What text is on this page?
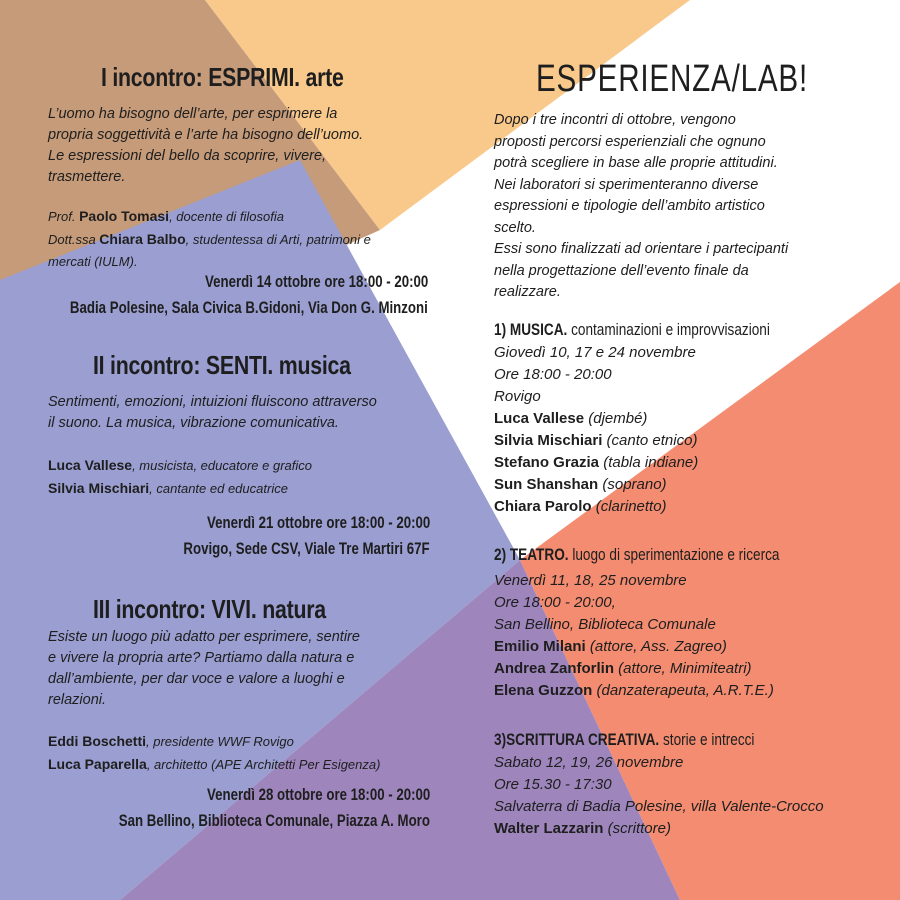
I incontro: ESPRIMI. arte
L’uomo ha bisogno dell’arte, per esprimere la
propria soggettività e l’arte ha bisogno dell’uomo.
Le espressioni del bello da scoprire, vivere,
trasmettere.
Prof. Paolo Tomasi, docente di filosofia
Dott.ssa Chiara Balbo, studentessa di Arti, patrimoni e
mercati (IULM).
Venerdì 14 ottobre ore 18:00 - 20:00
Badia Polesine, Sala Civica B.Gidoni, Via Don G. Minzoni
II incontro: SENTI. musica
Sentimenti, emozioni, intuizioni fluiscono attraverso
il suono. La musica, vibrazione comunicativa.
Luca Vallese, musicista, educatore e grafico
Silvia Mischiari, cantante ed educatrice
Venerdì 21 ottobre ore 18:00 - 20:00
Rovigo, Sede CSV, Viale Tre Martiri 67F
III incontro: VIVI. natura
Esiste un luogo più adatto per esprimere, sentire
e vivere la propria arte? Partiamo dalla natura e
dall’ambiente, per dar voce e valore a luoghi e
relazioni.
Eddi Boschetti, presidente WWF Rovigo
Luca Paparella, architetto (APE Architetti Per Esigenza)
Venerdì 28 ottobre ore 18:00 - 20:00
San Bellino, Biblioteca Comunale, Piazza A. Moro
ESPERIENZA/LAB!
Dopo i tre incontri di ottobre, vengono
proposti percorsi esperienziali che ognuno
potrà scegliere in base alle proprie attitudini.
Nei laboratori si sperimenteranno diverse
espressioni e tipologie dell’ambito artistico
scelto.
Essi sono finalizzati ad orientare i partecipanti
nella progettazione dell’evento finale da
realizzare.
1) MUSICA. contaminazioni e improvvisazioni
Giovedì 10, 17 e 24 novembre
Ore 18:00 - 20:00
Rovigo
Luca Vallese (djembé)
Silvia Mischiari (canto etnico)
Stefano Grazia (tabla indiane)
Sun Shanshan (soprano)
Chiara Parolo (clarinetto)
2) TEATRO. luogo di sperimentazione e ricerca
Venerdì 11, 18, 25 novembre
Ore 18:00 - 20:00,
San Bellino, Biblioteca Comunale
Emilio Milani (attore, Ass. Zagreo)
Andrea Zanforlin (attore, Minimiteatri)
Elena Guzzon (danzaterapeuta, A.R.T.E.)
3)SCRITTURA CREATIVA. storie e intrecci
Sabato 12, 19, 26 novembre
Ore 15.30 - 17:30
Salvaterra di Badia Polesine, villa Valente-Crocco
Walter Lazzarin (scrittore)
